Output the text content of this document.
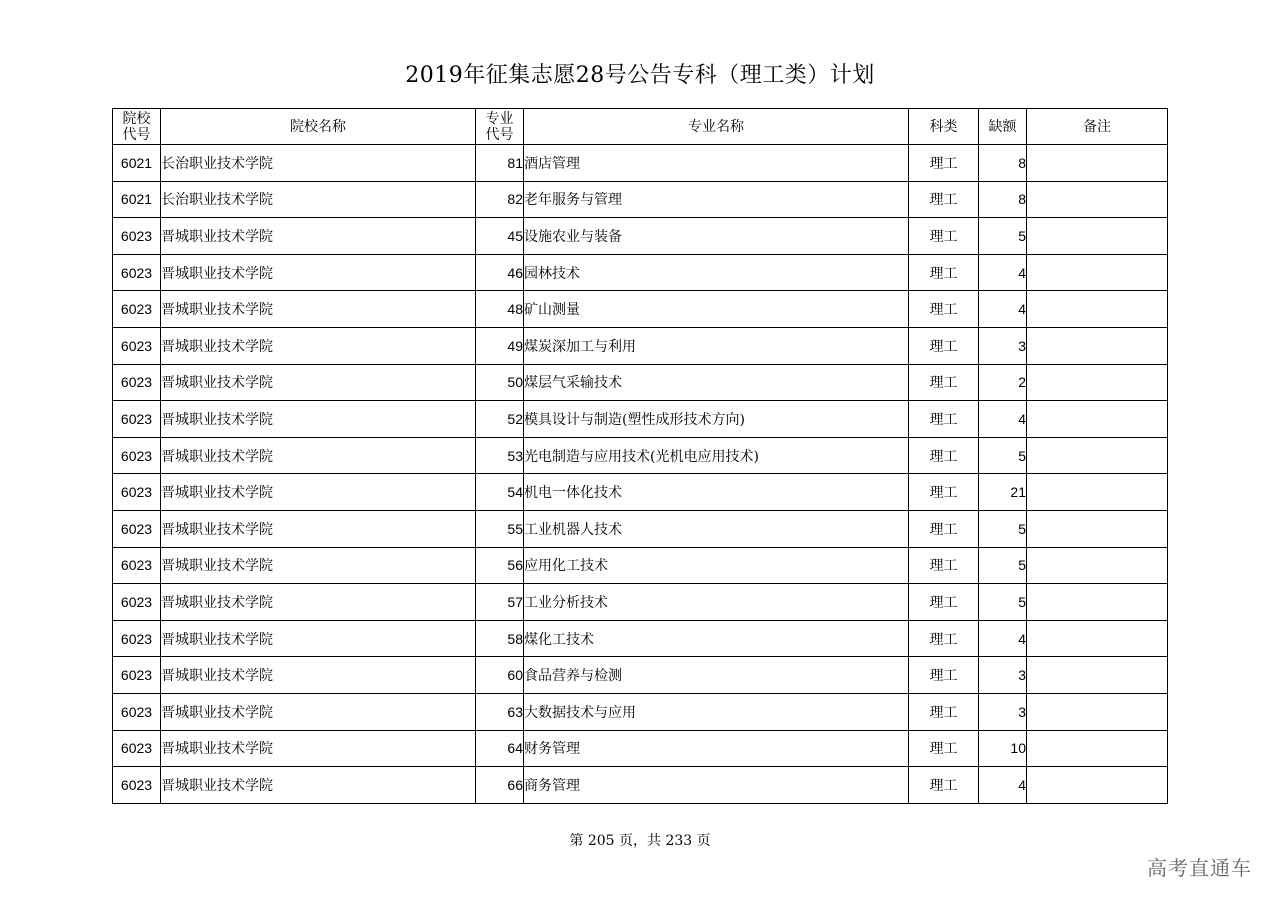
2019年征集志愿28号公告专科（理工类）计划
院校代号	院校名称	专业代号	专业名称	科类	缺额	备注
6021	长治职业技术学院	81	酒店管理	理工	8	
6021	长治职业技术学院	82	老年服务与管理	理工	8	
6023	晋城职业技术学院	45	设施农业与装备	理工	5	
6023	晋城职业技术学院	46	园林技术	理工	4	
6023	晋城职业技术学院	48	矿山测量	理工	4	
6023	晋城职业技术学院	49	煤炭深加工与利用	理工	3	
6023	晋城职业技术学院	50	煤层气采输技术	理工	2	
6023	晋城职业技术学院	52	模具设计与制造(塑性成形技术方向)	理工	4	
6023	晋城职业技术学院	53	光电制造与应用技术(光机电应用技术)	理工	5	
6023	晋城职业技术学院	54	机电一体化技术	理工	21	
6023	晋城职业技术学院	55	工业机器人技术	理工	5	
6023	晋城职业技术学院	56	应用化工技术	理工	5	
6023	晋城职业技术学院	57	工业分析技术	理工	5	
6023	晋城职业技术学院	58	煤化工技术	理工	4	
6023	晋城职业技术学院	60	食品营养与检测	理工	3	
6023	晋城职业技术学院	63	大数据技术与应用	理工	3	
6023	晋城职业技术学院	64	财务管理	理工	10	
6023	晋城职业技术学院	66	商务管理	理工	4	
第 205 页，共 233 页
高考直通车
